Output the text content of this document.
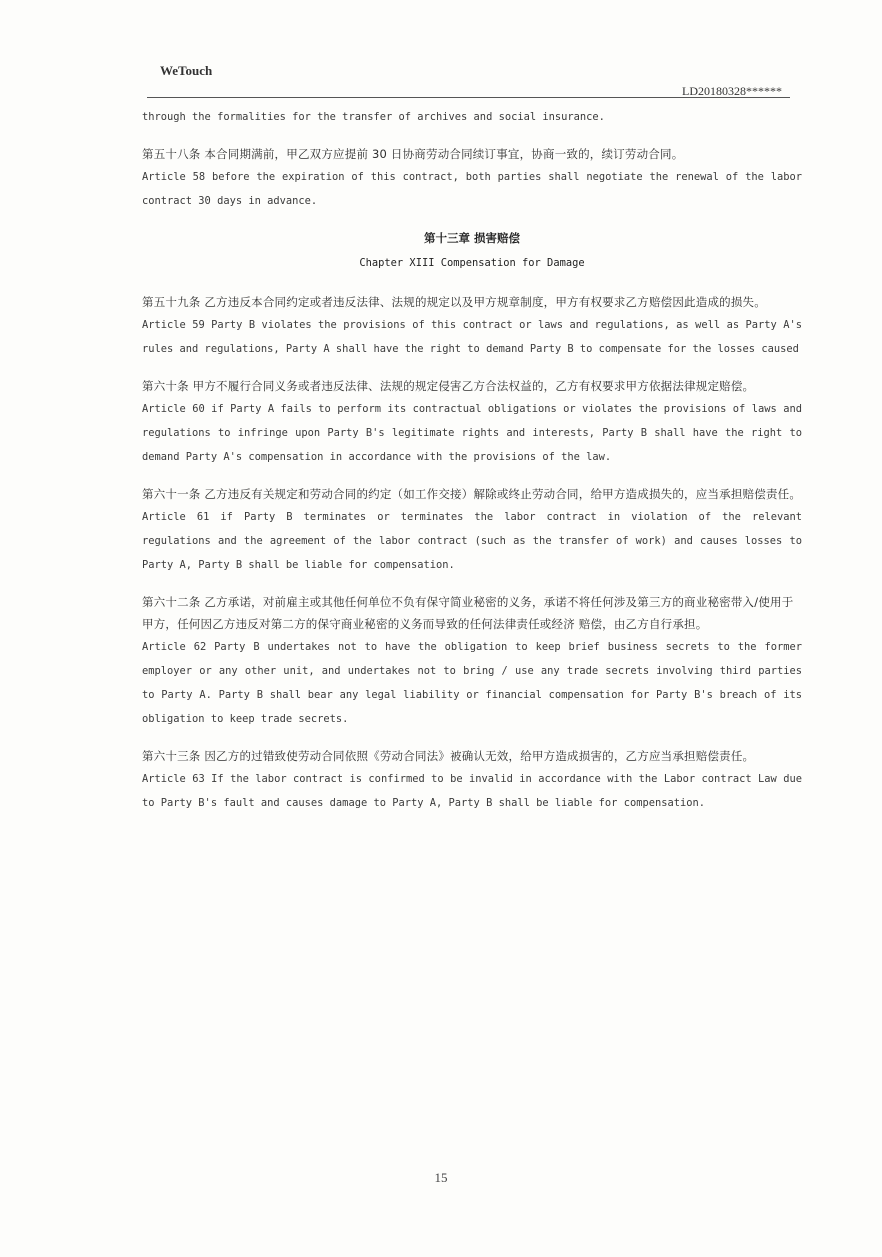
WeTouch
LD20180328******

through the formalities for the transfer of archives and social insurance.

第五十八条 本合同期满前，甲乙双方应提前 30 日协商劳动合同续订事宜，协商一致的，续订劳动合同。

Article 58 before the expiration of this contract, both parties shall negotiate the renewal of the labor contract 30 days in advance.

第十三章 损害赔偿
Chapter XIII Compensation for Damage

第五十九条 乙方违反本合同约定或者违反法律、法规的规定以及甲方规章制度，甲方有权要求乙方赔偿因此造成的损失。

Article 59 Party B violates the provisions of this contract or laws and regulations, as well as Party A's rules and regulations, Party A shall have the right to demand Party B to compensate for the losses caused

第六十条 甲方不履行合同义务或者违反法律、法规的规定侵害乙方合法权益的，乙方有权要求甲方依据法律规定赔偿。

Article 60 if Party A fails to perform its contractual obligations or violates the provisions of laws and regulations to infringe upon Party B's legitimate rights and interests, Party B shall have the right to demand Party A's compensation in accordance with the provisions of the law.

第六十一条 乙方违反有关规定和劳动合同的约定（如工作交接）解除或终止劳动合同，给甲方造成损失的，应当承担赔偿责任。

Article 61 if Party B terminates or terminates the labor contract in violation of the relevant regulations and the agreement of the labor contract (such as the transfer of work) and causes losses to Party A, Party B shall be liable for compensation.

第六十二条 乙方承诺，对前雇主或其他任何单位不负有保守简业秘密的义务，承诺不将任何涉及第三方的商业秘密带入/使用于甲方，任何因乙方违反对第二方的保守商业秘密的义务而导致的任何法律责任或经济 赔偿，由乙方自行承担。

Article 62 Party B undertakes not to have the obligation to keep brief business secrets to the former employer or any other unit, and undertakes not to bring / use any trade secrets involving third parties to Party A. Party B shall bear any legal liability or financial compensation for Party B's breach of its obligation to keep trade secrets.

第六十三条 因乙方的过错致使劳动合同依照《劳动合同法》被确认无效，给甲方造成损害的，乙方应当承担赔偿责任。

Article 63 If the labor contract is confirmed to be invalid in accordance with the Labor contract Law due to Party B's fault and causes damage to Party A, Party B shall be liable for compensation.

15
